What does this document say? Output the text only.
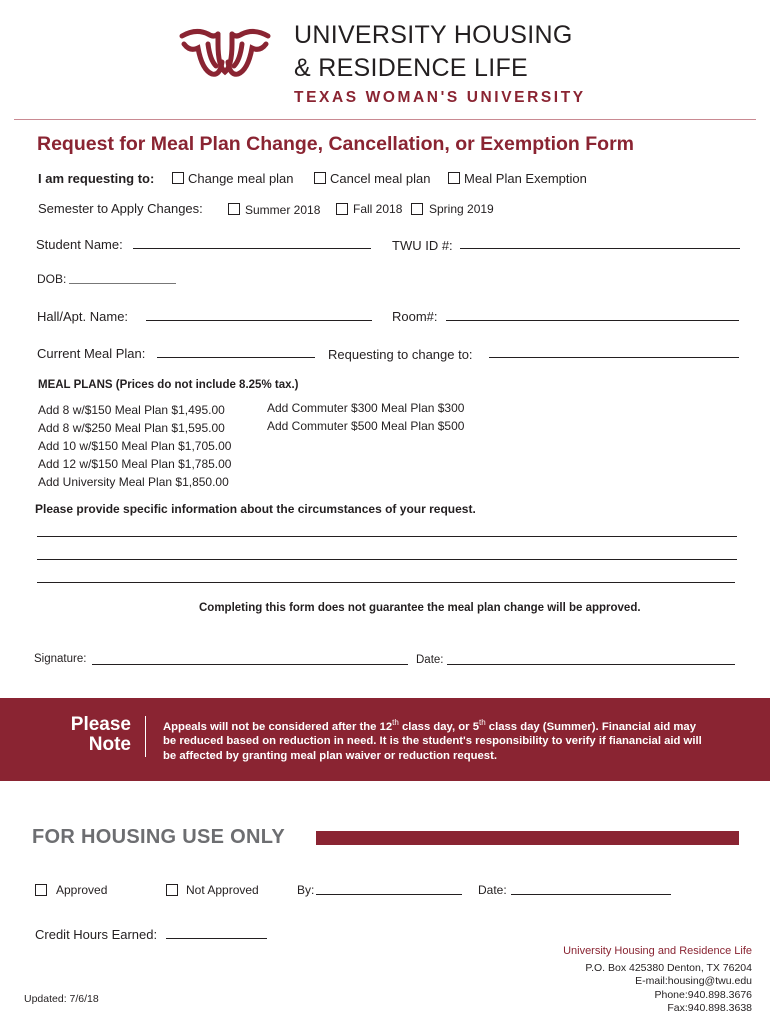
UNIVERSITY HOUSING
& RESIDENCE LIFE
TEXAS WOMAN'S UNIVERSITY
Request for Meal Plan Change, Cancellation, or Exemption Form
I am requesting to:	Change meal plan	Cancel meal plan	Meal Plan Exemption
Semester to Apply Changes:	Summer 2018	Fall 2018 Spring 2019
Student Name:	TWU ID #:
DOB:
Hall/Apt. Name:	Room#:
Current Meal Plan:	Requesting to change to:
MEAL PLANS (Prices do not include 8.25% tax.)
Add 8 w/$150 Meal Plan $1,495.00
Add 8 w/$250 Meal Plan $1,595.00
Add 10 w/$150 Meal Plan $1,705.00
Add 12 w/$150 Meal Plan $1,785.00
Add University Meal Plan $1,850.00
Add Commuter $300 Meal Plan $300
Add Commuter $500 Meal Plan $500
Please provide specific information about the circumstances of your request.
Completing this form does not guarantee the meal plan change will be approved.
Signature:	Date:
Please
Note
Appeals will not be considered after the 12th class day, or 5th class day (Summer). Financial aid may
be reduced based on reduction in need. It is the student's responsibility to verify if fianancial aid will
be affected by granting meal plan waiver or reduction request.
FOR HOUSING USE ONLY
Approved	Not Approved	By:	Date:
Credit Hours Earned:
Updated: 7/6/18
University Housing and Residence Life
P.O. Box 425380 Denton, TX 76204
E-mail:housing@twu.edu
Phone:940.898.3676
Fax:940.898.3638
